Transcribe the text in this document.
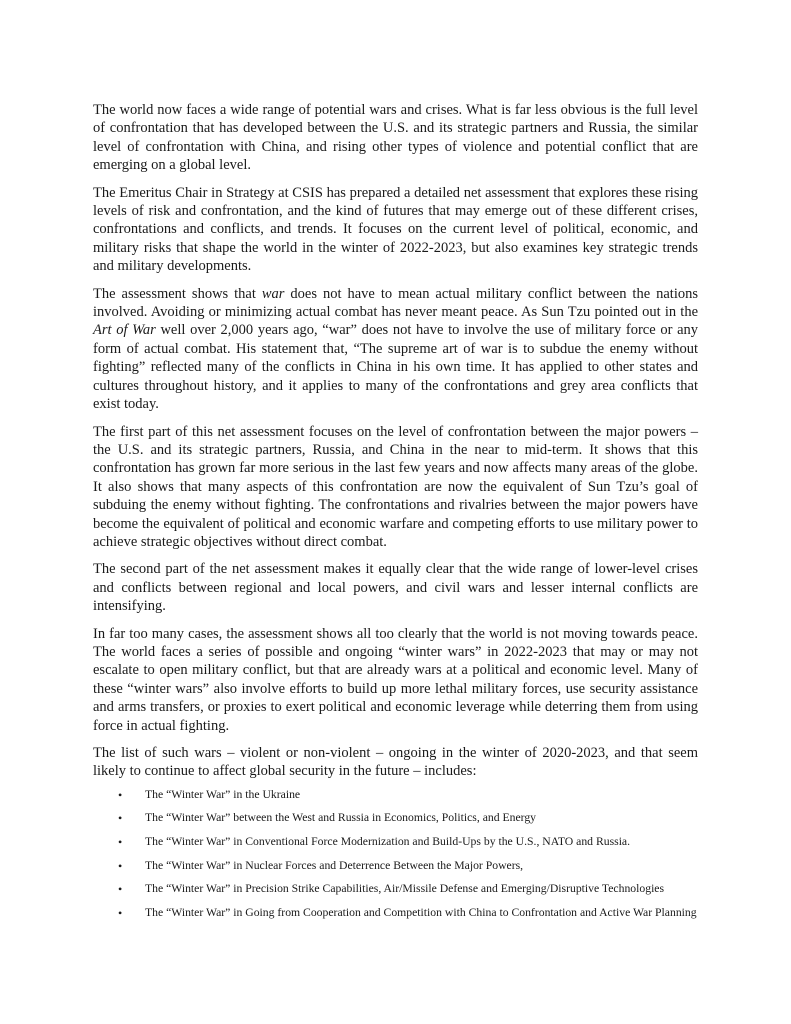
The world now faces a wide range of potential wars and crises. What is far less obvious is the full level of confrontation that has developed between the U.S. and its strategic partners and Russia, the similar level of confrontation with China, and rising other types of violence and potential conflict that are emerging on a global level.

The Emeritus Chair in Strategy at CSIS has prepared a detailed net assessment that explores these rising levels of risk and confrontation, and the kind of futures that may emerge out of these different crises, confrontations and conflicts, and trends. It focuses on the current level of political, economic, and military risks that shape the world in the winter of 2022-2023, but also examines key strategic trends and military developments.

The assessment shows that war does not have to mean actual military conflict between the nations involved. Avoiding or minimizing actual combat has never meant peace. As Sun Tzu pointed out in the Art of War well over 2,000 years ago, “war” does not have to involve the use of military force or any form of actual combat. His statement that, “The supreme art of war is to subdue the enemy without fighting” reflected many of the conflicts in China in his own time. It has applied to other states and cultures throughout history, and it applies to many of the confrontations and grey area conflicts that exist today.

The first part of this net assessment focuses on the level of confrontation between the major powers – the U.S. and its strategic partners, Russia, and China in the near to mid-term. It shows that this confrontation has grown far more serious in the last few years and now affects many areas of the globe. It also shows that many aspects of this confrontation are now the equivalent of Sun Tzu’s goal of subduing the enemy without fighting. The confrontations and rivalries between the major powers have become the equivalent of political and economic warfare and competing efforts to use military power to achieve strategic objectives without direct combat.

The second part of the net assessment makes it equally clear that the wide range of lower-level crises and conflicts between regional and local powers, and civil wars and lesser internal conflicts are intensifying.

In far too many cases, the assessment shows all too clearly that the world is not moving towards peace. The world faces a series of possible and ongoing “winter wars” in 2022-2023 that may or may not escalate to open military conflict, but that are already wars at a political and economic level. Many of these “winter wars” also involve efforts to build up more lethal military forces, use security assistance and arms transfers, or proxies to exert political and economic leverage while deterring them from using force in actual fighting.

The list of such wars – violent or non-violent – ongoing in the winter of 2020-2023, and that seem likely to continue to affect global security in the future – includes:

• The “Winter War” in the Ukraine
• The “Winter War” between the West and Russia in Economics, Politics, and Energy
• The “Winter War” in Conventional Force Modernization and Build-Ups by the U.S., NATO and Russia.
• The “Winter War” in Nuclear Forces and Deterrence Between the Major Powers,
• The “Winter War” in Precision Strike Capabilities, Air/Missile Defense and Emerging/Disruptive Technologies
• The “Winter War” in Going from Cooperation and Competition with China to Confrontation and Active War Planning
